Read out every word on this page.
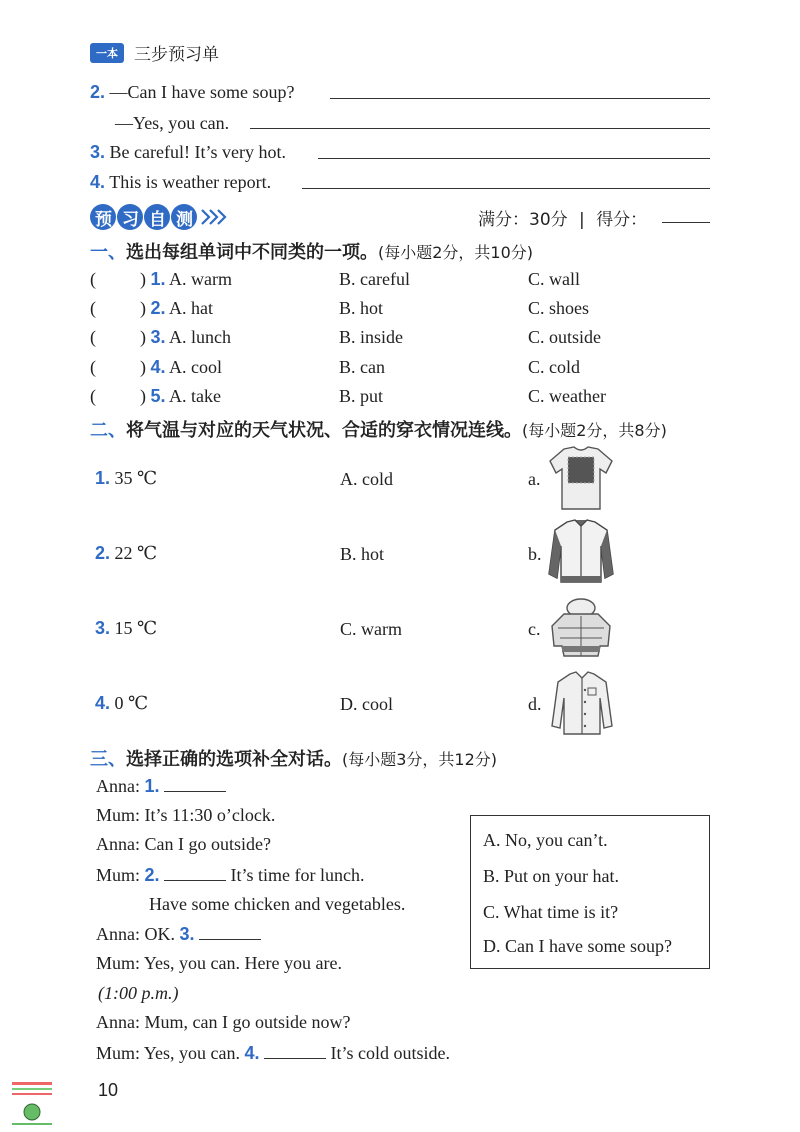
一本 三步预习单
2. —Can I have some soup?
—Yes, you can.
3. Be careful! It’s very hot.
4. This is weather report.
预习自测	满分：30分 | 得分：
一、选出每组单词中不同类的一项。(每小题2分，共10分)
( ) 1. A. warm	B. careful	C. wall
( ) 2. A. hat	B. hot	C. shoes
( ) 3. A. lunch	B. inside	C. outside
( ) 4. A. cool	B. can	C. cold
( ) 5. A. take	B. put	C. weather
二、将气温与对应的天气状况、合适的穿衣情况连线。(每小题2分，共8分)
1. 35 ℃	A. cold	a.
2. 22 ℃	B. hot	b.
3. 15 ℃	C. warm	c.
4. 0 ℃	D. cool	d.
三、选择正确的选项补全对话。(每小题3分，共12分)
Anna: 1.
Mum: It’s 11:30 o’clock.
Anna: Can I go outside?
Mum: 2.	It’s time for lunch.
Have some chicken and vegetables.
Anna: OK. 3.
Mum: Yes, you can. Here you are.
(1:00 p.m.)
Anna: Mum, can I go outside now?
Mum: Yes, you can. 4.	It’s cold outside.
A. No, you can’t.
B. Put on your hat.
C. What time is it?
D. Can I have some soup?
10
